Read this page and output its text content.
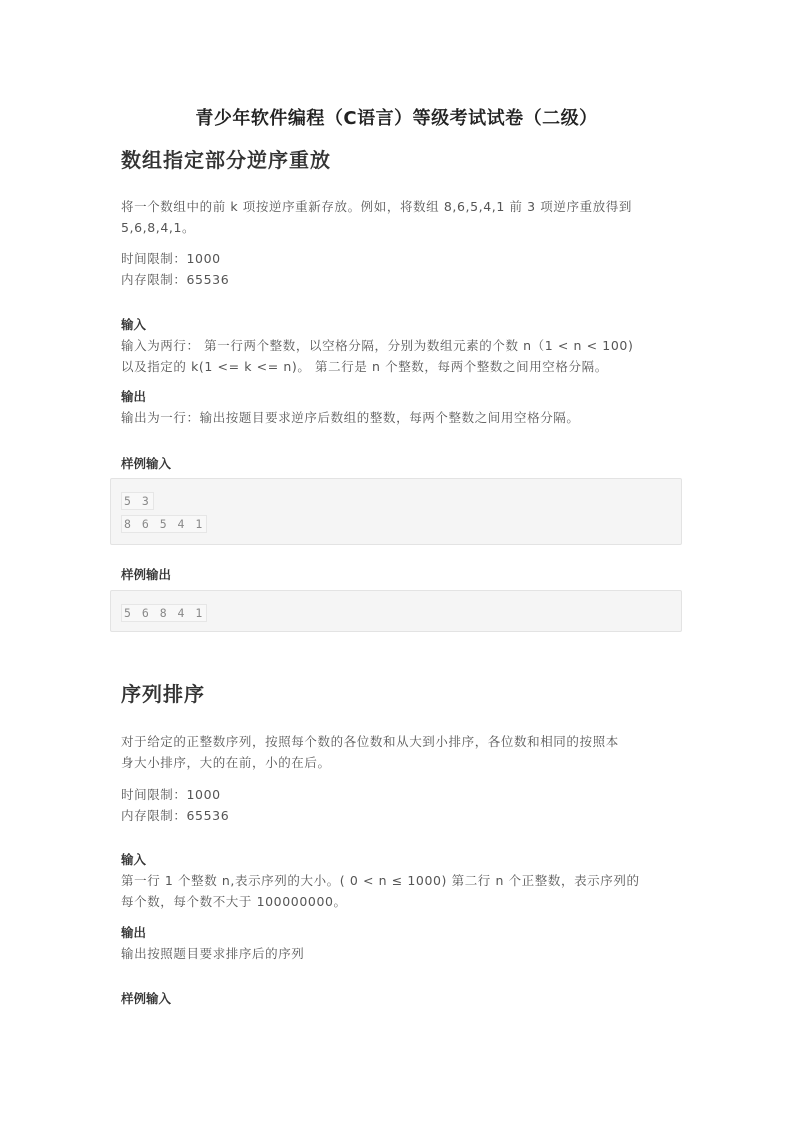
青少年软件编程（C语言）等级考试试卷（二级）
数组指定部分逆序重放

将一个数组中的前 k 项按逆序重新存放。例如，将数组 8,6,5,4,1 前 3 项逆序重放得到

5,6,8,4,1。

时间限制：1000

内存限制：65536

输入

输入为两行： 第一行两个整数，以空格分隔，分别为数组元素的个数 n（1 < n < 100)

以及指定的 k(1 <= k <= n)。 第二行是 n 个整数，每两个整数之间用空格分隔。

输出

输出为一行：输出按题目要求逆序后数组的整数，每两个整数之间用空格分隔。

样例输入

5 3
8 6 5 4 1

样例输出

5 6 8 4 1
序列排序

对于给定的正整数序列，按照每个数的各位数和从大到小排序，各位数和相同的按照本

身大小排序，大的在前，小的在后。

时间限制：1000

内存限制：65536

输入

第一行 1 个整数 n,表示序列的大小。( 0 < n ≤ 1000) 第二行 n 个正整数，表示序列的

每个数，每个数不大于 100000000。

输出

输出按照题目要求排序后的序列

样例输入
